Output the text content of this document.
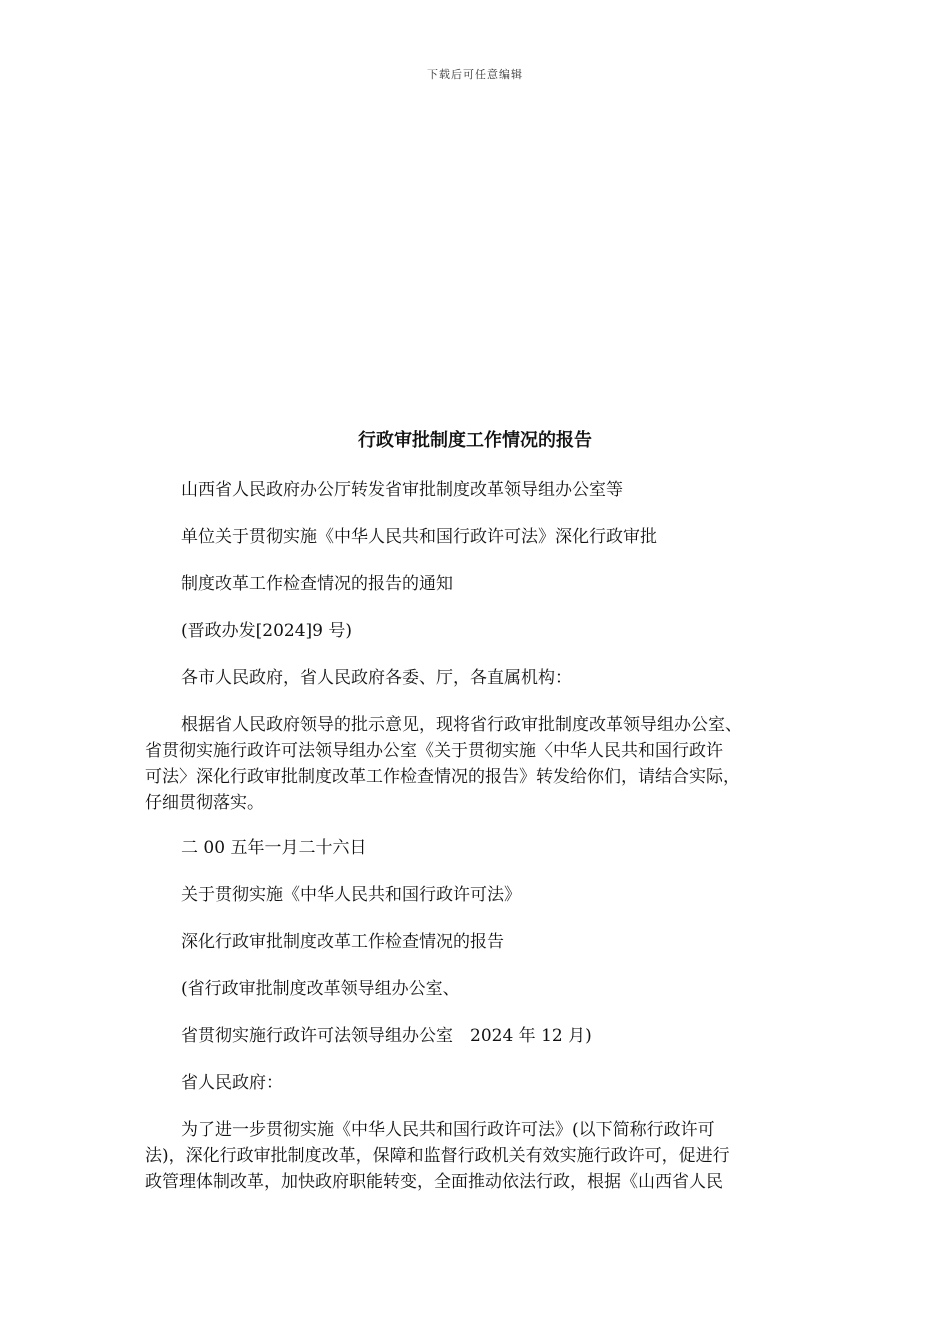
下载后可任意编辑
行政审批制度工作情况的报告
山西省人民政府办公厅转发省审批制度改革领导组办公室等
单位关于贯彻实施《中华人民共和国行政许可法》深化行政审批
制度改革工作检查情况的报告的通知
(晋政办发[2024]9 号)
各市人民政府，省人民政府各委、厅，各直属机构：
根据省人民政府领导的批示意见，现将省行政审批制度改革领导组办公室、
省贯彻实施行政许可法领导组办公室《关于贯彻实施〈中华人民共和国行政许
可法〉深化行政审批制度改革工作检查情况的报告》转发给你们，请结合实际，
仔细贯彻落实。
二 00 五年一月二十六日
关于贯彻实施《中华人民共和国行政许可法》
深化行政审批制度改革工作检查情况的报告
(省行政审批制度改革领导组办公室、
省贯彻实施行政许可法领导组办公室　2024 年 12 月)
省人民政府：
为了进一步贯彻实施《中华人民共和国行政许可法》(以下简称行政许可
法)，深化行政审批制度改革，保障和监督行政机关有效实施行政许可，促进行
政管理体制改革，加快政府职能转变，全面推动依法行政，根据《山西省人民
